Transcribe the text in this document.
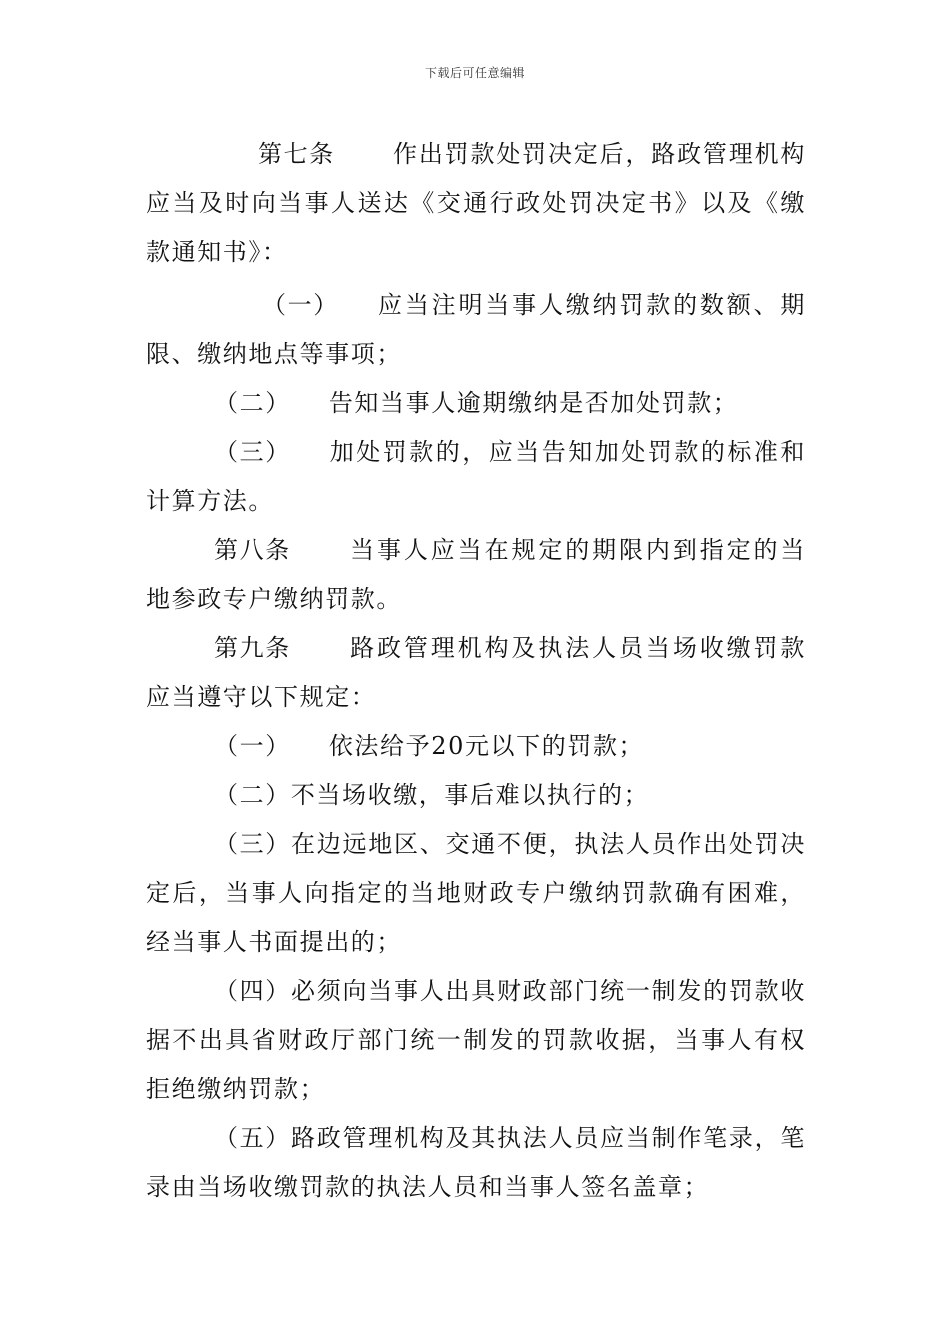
下载后可任意编辑

第七条 作出罚款处罚决定后，路政管理机构应当及时向当事人送达《交通行政处罚决定书》以及《缴款通知书》：

（一） 应当注明当事人缴纳罚款的数额、期限、缴纳地点等事项；

（二） 告知当事人逾期缴纳是否加处罚款；

（三） 加处罚款的，应当告知加处罚款的标准和计算方法。

第八条 当事人应当在规定的期限内到指定的当地参政专户缴纳罚款。

第九条 路政管理机构及执法人员当场收缴罚款应当遵守以下规定：

（一） 依法给予20元以下的罚款；

（二）不当场收缴，事后难以执行的；

（三）在边远地区、交通不便，执法人员作出处罚决定后，当事人向指定的当地财政专户缴纳罚款确有困难，经当事人书面提出的；

（四）必须向当事人出具财政部门统一制发的罚款收据不出具省财政厅部门统一制发的罚款收据，当事人有权拒绝缴纳罚款；

（五）路政管理机构及其执法人员应当制作笔录，笔录由当场收缴罚款的执法人员和当事人签名盖章；
